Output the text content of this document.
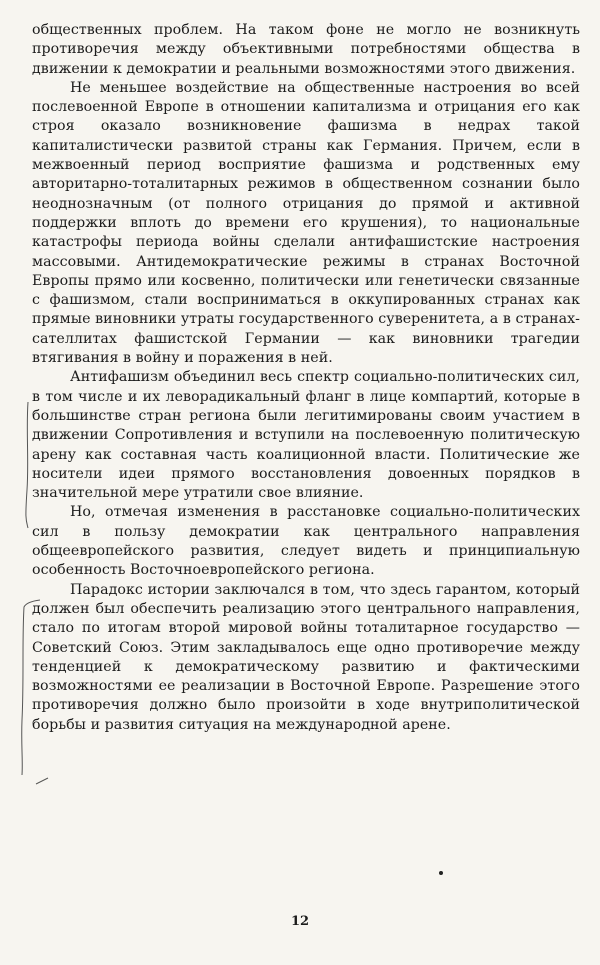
общественных проблем. На таком фоне не могло не возникнуть противоречия между объективными потребностями общества в движении к демократии и реальными возможностями этого движения.

Не меньшее воздействие на общественные настроения во всей послевоенной Европе в отношении капитализма и отрицания его как строя оказало возникновение фашизма в недрах такой капиталистически развитой страны как Германия. Причем, если в межвоенный период восприятие фашизма и родственных ему авторитарно-тоталитарных режимов в общественном сознании было неоднозначным (от полного отрицания до прямой и активной поддержки вплоть до времени его крушения), то национальные катастрофы периода войны сделали антифашистские настроения массовыми. Антидемократические режимы в странах Восточной Европы прямо или косвенно, политически или генетически связанные с фашизмом, стали восприниматься в оккупированных странах как прямые виновники утраты государственного суверенитета, а в странах-сателлитах фашистской Германии — как виновники трагедии втягивания в войну и поражения в ней.

Антифашизм объединил весь спектр социально-политических сил, в том числе и их леворадикальный фланг в лице компартий, которые в большинстве стран региона были легитимированы своим участием в движении Сопротивления и вступили на послевоенную политическую арену как составная часть коалиционной власти. Политические же носители идеи прямого восстановления довоенных порядков в значительной мере утратили свое влияние.

Но, отмечая изменения в расстановке социально-политических сил в пользу демократии как центрального направления общеевропейского развития, следует видеть и принципиальную особенность Восточноевропейского региона.

Парадокс истории заключался в том, что здесь гарантом, который должен был обеспечить реализацию этого центрального направления, стало по итогам второй мировой войны тоталитарное государство — Советский Союз. Этим закладывалось еще одно противоречие между тенденцией к демократическому развитию и фактическими возможностями ее реализации в Восточной Европе. Разрешение этого противоречия должно было произойти в ходе внутриполитической борьбы и развития ситуация на международной арене.

12
